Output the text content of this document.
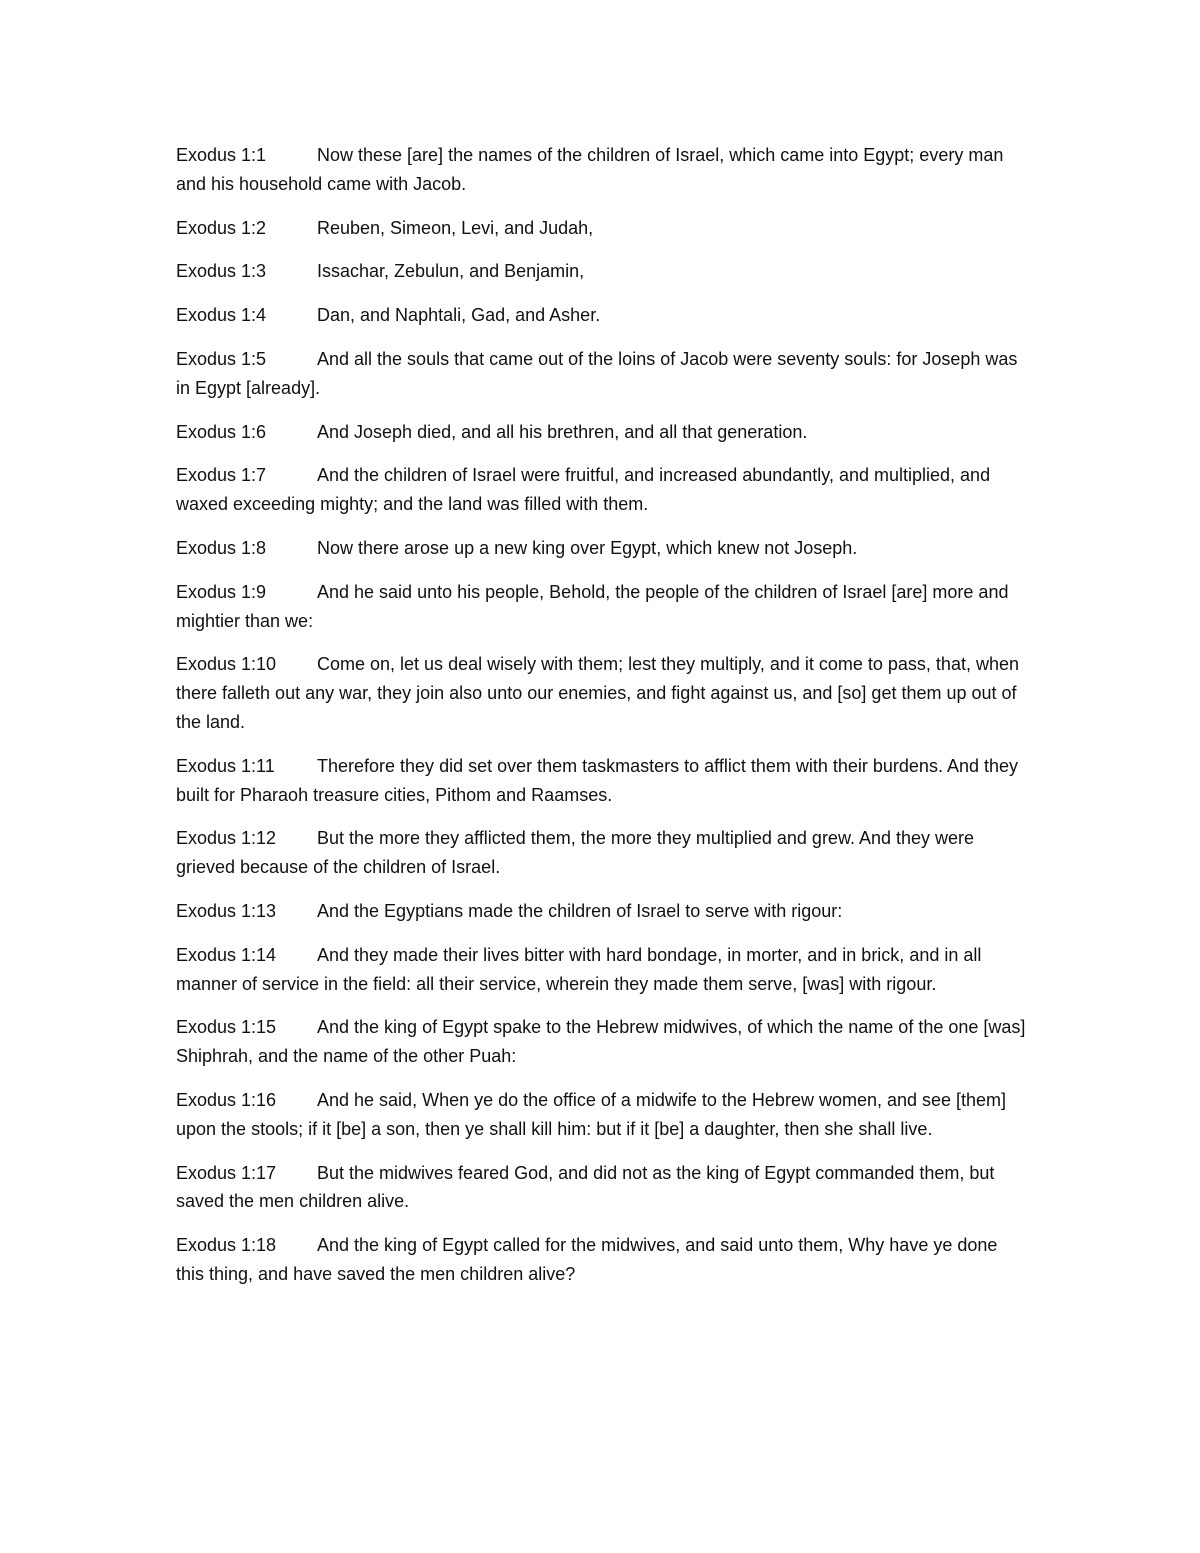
Exodus 1:1	Now these [are] the names of the children of Israel, which came into Egypt; every man and his household came with Jacob.

Exodus 1:2	Reuben, Simeon, Levi, and Judah,

Exodus 1:3	Issachar, Zebulun, and Benjamin,

Exodus 1:4	Dan, and Naphtali, Gad, and Asher.

Exodus 1:5	And all the souls that came out of the loins of Jacob were seventy souls: for Joseph was in Egypt [already].

Exodus 1:6	And Joseph died, and all his brethren, and all that generation.

Exodus 1:7	And the children of Israel were fruitful, and increased abundantly, and multiplied, and waxed exceeding mighty; and the land was filled with them.

Exodus 1:8	Now there arose up a new king over Egypt, which knew not Joseph.

Exodus 1:9	And he said unto his people, Behold, the people of the children of Israel [are] more and mightier than we:

Exodus 1:10 Come on, let us deal wisely with them; lest they multiply, and it come to pass, that, when there falleth out any war, they join also unto our enemies, and fight against us, and [so] get them up out of the land.

Exodus 1:11 Therefore they did set over them taskmasters to afflict them with their burdens. And they built for Pharaoh treasure cities, Pithom and Raamses.

Exodus 1:12 But the more they afflicted them, the more they multiplied and grew. And they were grieved because of the children of Israel.

Exodus 1:13 And the Egyptians made the children of Israel to serve with rigour:

Exodus 1:14 And they made their lives bitter with hard bondage, in morter, and in brick, and in all manner of service in the field: all their service, wherein they made them serve, [was] with rigour.

Exodus 1:15 And the king of Egypt spake to the Hebrew midwives, of which the name of the one [was] Shiphrah, and the name of the other Puah:

Exodus 1:16 And he said, When ye do the office of a midwife to the Hebrew women, and see [them] upon the stools; if it [be] a son, then ye shall kill him: but if it [be] a daughter, then she shall live.

Exodus 1:17 But the midwives feared God, and did not as the king of Egypt commanded them, but saved the men children alive.

Exodus 1:18 And the king of Egypt called for the midwives, and said unto them, Why have ye done this thing, and have saved the men children alive?
